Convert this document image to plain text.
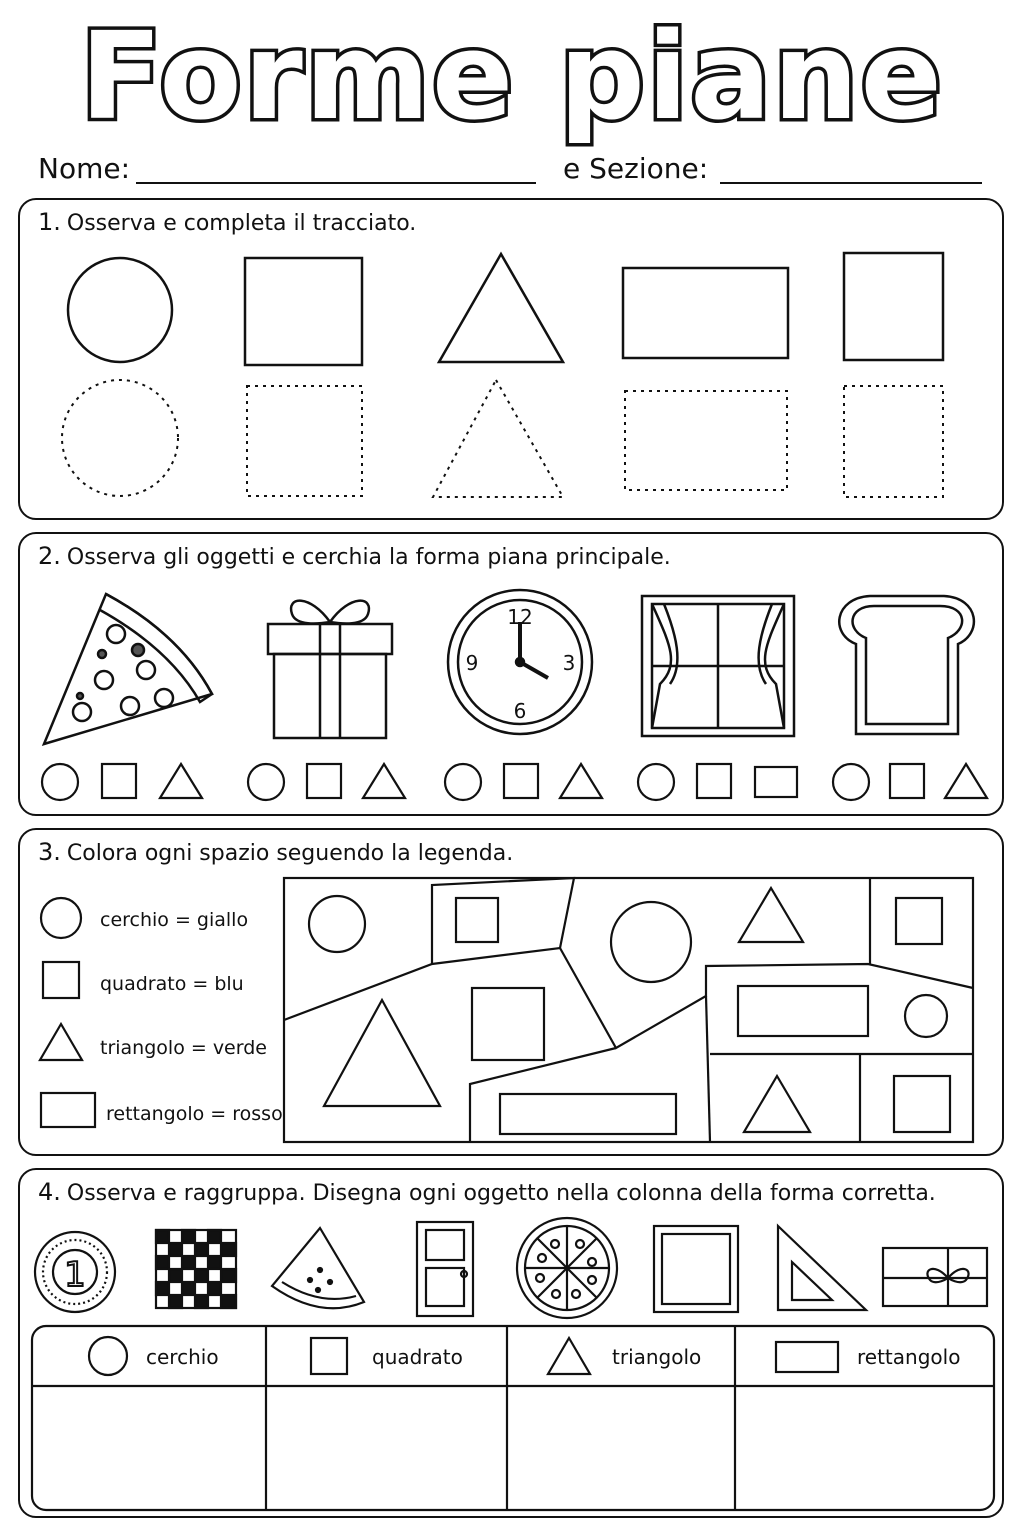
Forme piane
Nome:	e Sezione:
1. Osserva e completa il tracciato.
2. Osserva gli oggetti e cerchia la forma piana principale.
12
3
6
9
3. Colora ogni spazio seguendo la legenda.
cerchio = giallo
quadrato = blu
triangolo = verde
rettangolo = rosso
4. Osserva e raggruppa. Disegna ogni oggetto nella colonna della forma corretta.
1
cerchio	quadrato	triangolo	rettangolo
